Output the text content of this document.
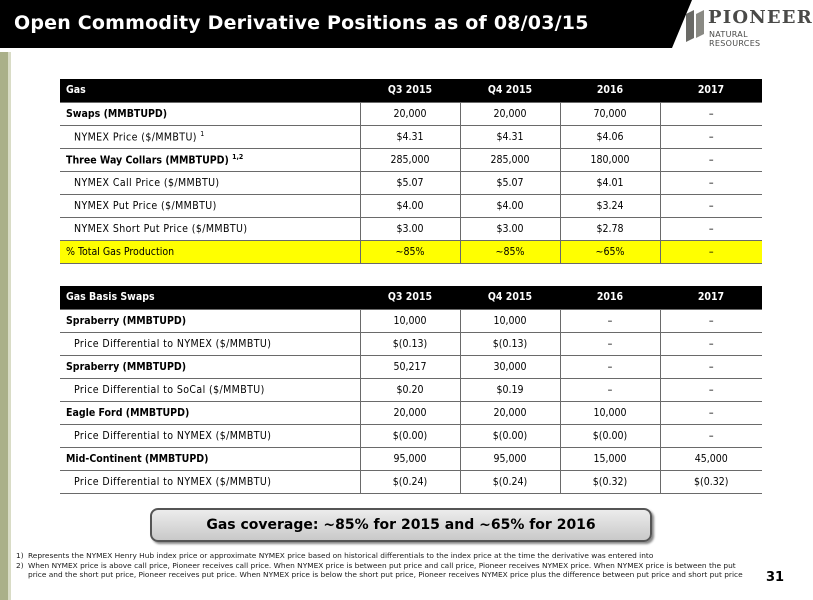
Open Commodity Derivative Positions as of 08/03/15	PIONEER
NATURAL RESOURCES
Gas	Q3 2015	Q4 2015	2016	2017
Swaps (MMBTUPD)	20,000	20,000	70,000	–
NYMEX Price ($/MMBTU) $^1$	$4.31	$4.31	$4.06	–
Three Way Collars (MMBTUPD) $^{1,2}$	285,000	285,000	180,000	–
NYMEX Call Price ($/MMBTU)	$5.07	$5.07	$4.01	–
NYMEX Put Price ($/MMBTU)	$4.00	$4.00	$3.24	–
NYMEX Short Put Price ($/MMBTU)	$3.00	$3.00	$2.78	–
% Total Gas Production	~85%	~85%	~65%	–
Gas Basis Swaps	Q3 2015	Q4 2015	2016	2017
Spraberry (MMBTUPD)	10,000	10,000	–	–
Price Differential to NYMEX ($/MMBTU)	$(0.13)	$(0.13)	–	–
Spraberry (MMBTUPD)	50,217	30,000	–	–
Price Differential to SoCal ($/MMBTU)	$0.20	$0.19	–	–
Eagle Ford (MMBTUPD)	20,000	20,000	10,000	–
Price Differential to NYMEX ($/MMBTU)	$(0.00)	$(0.00)	$(0.00)	–
Mid-Continent (MMBTUPD)	95,000	95,000	15,000	45,000
Price Differential to NYMEX ($/MMBTU)	$(0.24)	$(0.24)	$(0.32)	$(0.32)
Gas coverage: ~85% for 2015 and ~65% for 2016
1) Represents the NYMEX Henry Hub index price or approximate NYMEX price based on historical differentials to the index price at the time the derivative was entered into
2) When NYMEX price is above call price, Pioneer receives call price. When NYMEX price is between put price and call price, Pioneer receives NYMEX price. When NYMEX price is between the put price and the short put price, Pioneer receives put price. When NYMEX price is below the short put price, Pioneer receives NYMEX price plus the difference between put price and short put price 31
